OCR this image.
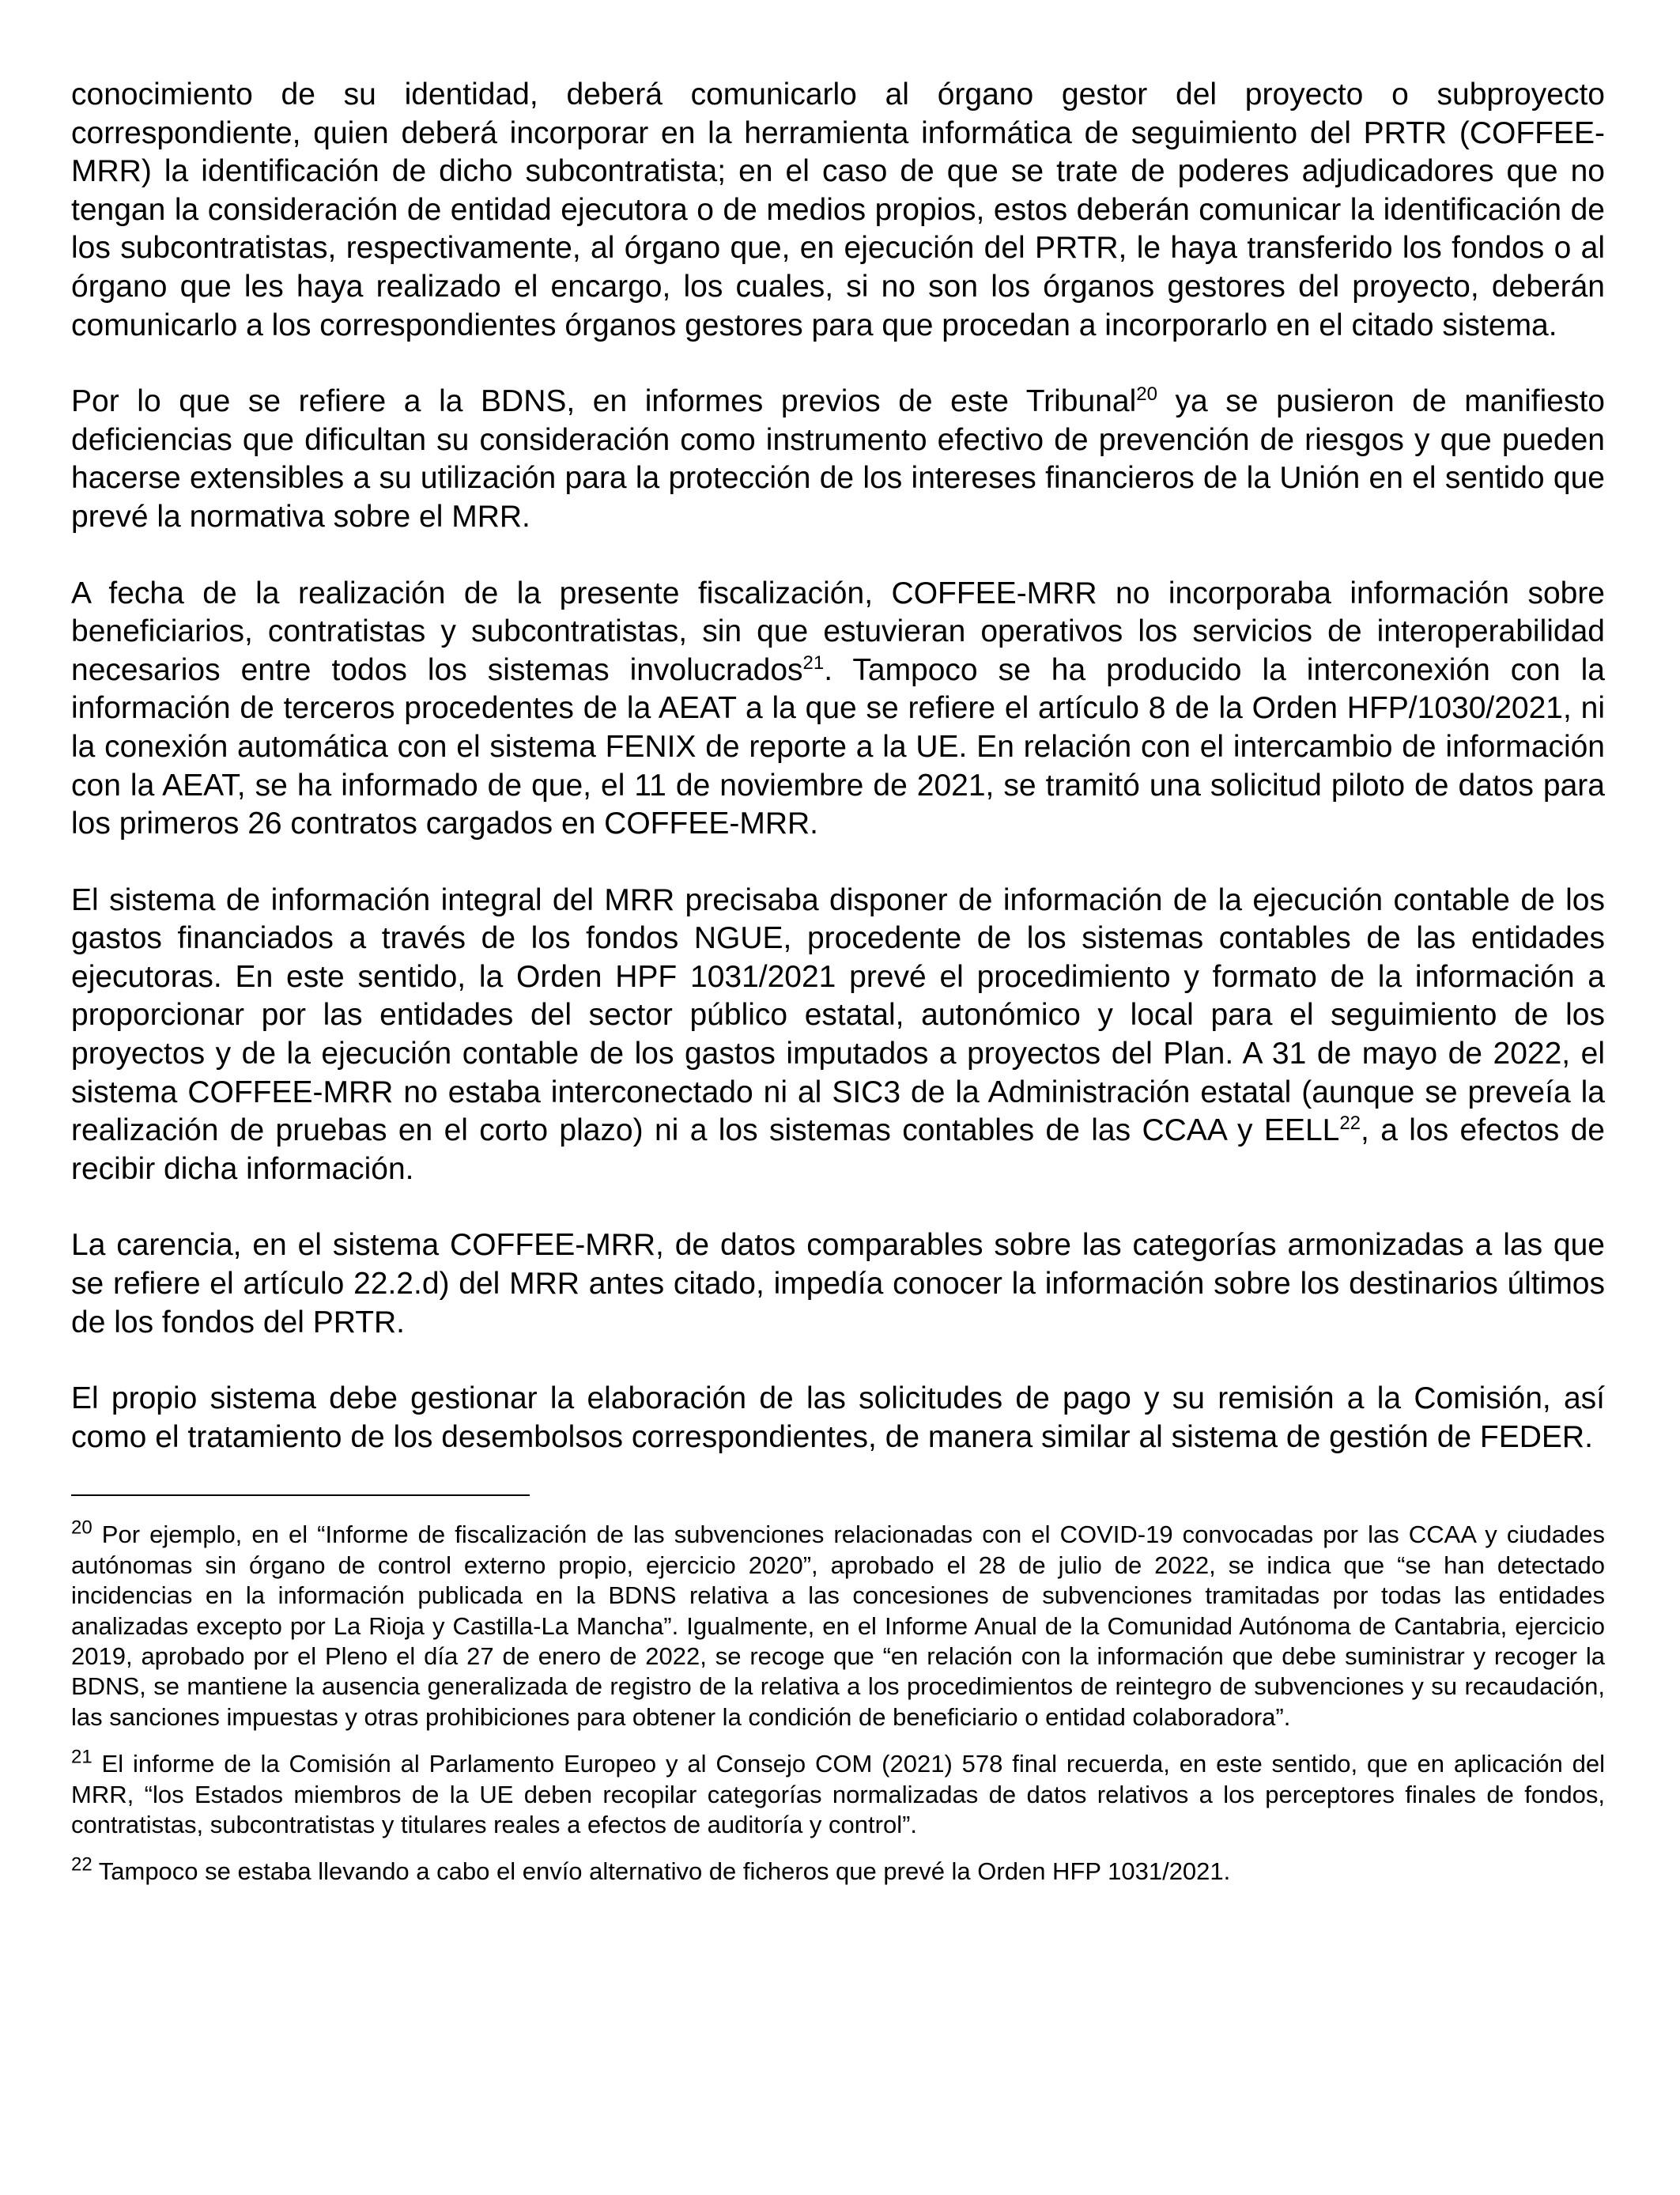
conocimiento de su identidad, deberá comunicarlo al órgano gestor del proyecto o subproyecto correspondiente, quien deberá incorporar en la herramienta informática de seguimiento del PRTR (COFFEE-MRR) la identificación de dicho subcontratista; en el caso de que se trate de poderes adjudicadores que no tengan la consideración de entidad ejecutora o de medios propios, estos deberán comunicar la identificación de los subcontratistas, respectivamente, al órgano que, en ejecución del PRTR, le haya transferido los fondos o al órgano que les haya realizado el encargo, los cuales, si no son los órganos gestores del proyecto, deberán comunicarlo a los correspondientes órganos gestores para que procedan a incorporarlo en el citado sistema.

Por lo que se refiere a la BDNS, en informes previos de este Tribunal$^{20}$ ya se pusieron de manifiesto deficiencias que dificultan su consideración como instrumento efectivo de prevención de riesgos y que pueden hacerse extensibles a su utilización para la protección de los intereses financieros de la Unión en el sentido que prevé la normativa sobre el MRR.

A fecha de la realización de la presente fiscalización, COFFEE-MRR no incorporaba información sobre beneficiarios, contratistas y subcontratistas, sin que estuvieran operativos los servicios de interoperabilidad necesarios entre todos los sistemas involucrados$^{21}$. Tampoco se ha producido la interconexión con la información de terceros procedentes de la AEAT a la que se refiere el artículo 8 de la Orden HFP/1030/2021, ni la conexión automática con el sistema FENIX de reporte a la UE. En relación con el intercambio de información con la AEAT, se ha informado de que, el 11 de noviembre de 2021, se tramitó una solicitud piloto de datos para los primeros 26 contratos cargados en COFFEE-MRR.

El sistema de información integral del MRR precisaba disponer de información de la ejecución contable de los gastos financiados a través de los fondos NGUE, procedente de los sistemas contables de las entidades ejecutoras. En este sentido, la Orden HPF 1031/2021 prevé el procedimiento y formato de la información a proporcionar por las entidades del sector público estatal, autonómico y local para el seguimiento de los proyectos y de la ejecución contable de los gastos imputados a proyectos del Plan. A 31 de mayo de 2022, el sistema COFFEE-MRR no estaba interconectado ni al SIC3 de la Administración estatal (aunque se preveía la realización de pruebas en el corto plazo) ni a los sistemas contables de las CCAA y EELL$^{22}$, a los efectos de recibir dicha información.

La carencia, en el sistema COFFEE-MRR, de datos comparables sobre las categorías armonizadas a las que se refiere el artículo 22.2.d) del MRR antes citado, impedía conocer la información sobre los destinarios últimos de los fondos del PRTR.

El propio sistema debe gestionar la elaboración de las solicitudes de pago y su remisión a la Comisión, así como el tratamiento de los desembolsos correspondientes, de manera similar al sistema de gestión de FEDER.

$^{20}$ Por ejemplo, en el “Informe de fiscalización de las subvenciones relacionadas con el COVID-19 convocadas por las CCAA y ciudades autónomas sin órgano de control externo propio, ejercicio 2020”, aprobado el 28 de julio de 2022, se indica que “se han detectado incidencias en la información publicada en la BDNS relativa a las concesiones de subvenciones tramitadas por todas las entidades analizadas excepto por La Rioja y Castilla-La Mancha”. Igualmente, en el Informe Anual de la Comunidad Autónoma de Cantabria, ejercicio 2019, aprobado por el Pleno el día 27 de enero de 2022, se recoge que “en relación con la información que debe suministrar y recoger la BDNS, se mantiene la ausencia generalizada de registro de la relativa a los procedimientos de reintegro de subvenciones y su recaudación, las sanciones impuestas y otras prohibiciones para obtener la condición de beneficiario o entidad colaboradora”.

$^{21}$ El informe de la Comisión al Parlamento Europeo y al Consejo COM (2021) 578 final recuerda, en este sentido, que en aplicación del MRR, “los Estados miembros de la UE deben recopilar categorías normalizadas de datos relativos a los perceptores finales de fondos, contratistas, subcontratistas y titulares reales a efectos de auditoría y control”.

$^{22}$ Tampoco se estaba llevando a cabo el envío alternativo de ficheros que prevé la Orden HFP 1031/2021.
